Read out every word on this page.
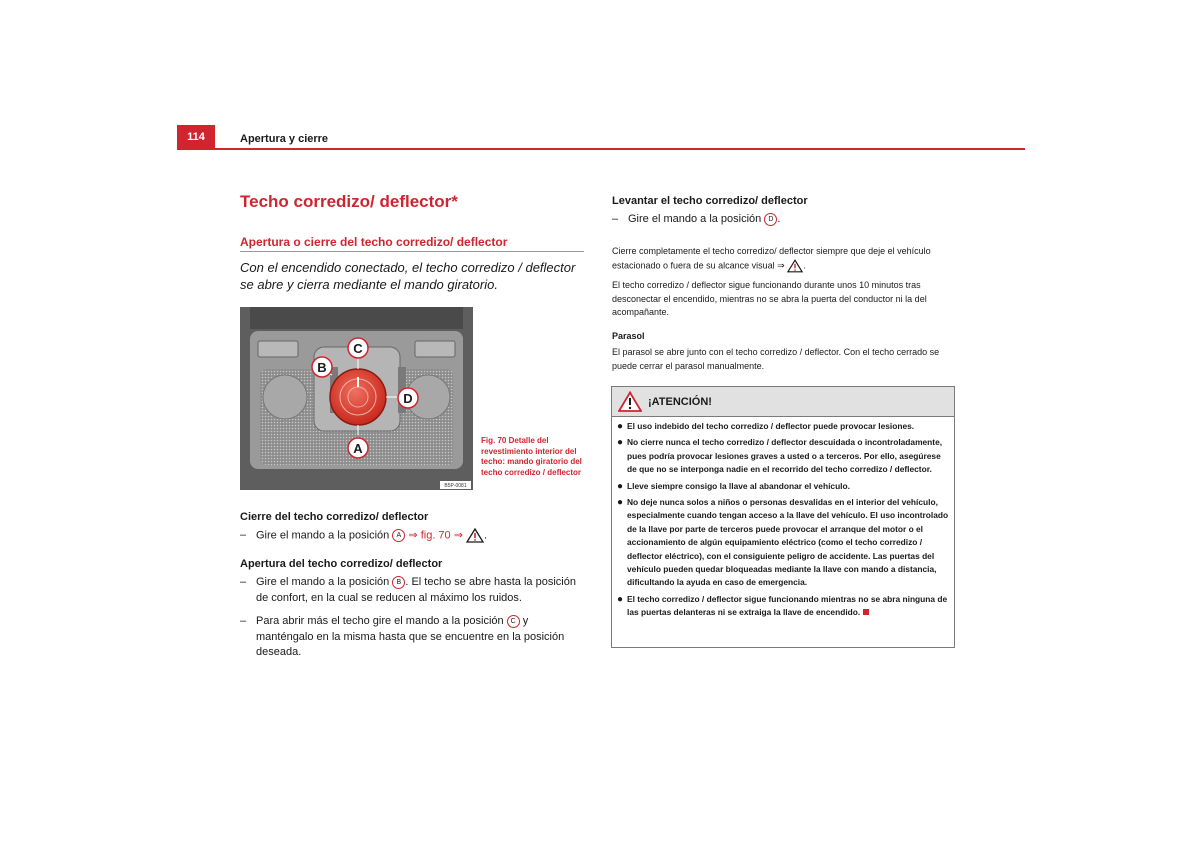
114	Apertura y cierre
Techo corredizo/ deflector*
Apertura o cierre del techo corredizo/ deflector
Con el encendido conectado, el techo corredizo / deflector se abre y cierra mediante el mando giratorio.
C
B
D
A
B5P-0081
Fig. 70 Detalle del revestimiento interior del techo: mando giratorio del techo corredizo / deflector
Cierre del techo corredizo/ deflector
– Gire el mando a la posición A ⇒ fig. 70 ⇒ .
Apertura del techo corredizo/ deflector
– Gire el mando a la posición B . El techo se abre hasta la posición de confort, en la cual se reducen al máximo los ruidos.
– Para abrir más el techo gire el mando a la posición C y manténgalo en la misma hasta que se encuentre en la posición deseada.
Levantar el techo corredizo/ deflector
– Gire el mando a la posición D .
Cierre completamente el techo corredizo/ deflector siempre que deje el vehículo estacionado o fuera de su alcance visual ⇒ .
El techo corredizo / deflector sigue funcionando durante unos 10 minutos tras desconectar el encendido, mientras no se abra la puerta del conductor ni la del acompañante.
Parasol
El parasol se abre junto con el techo corredizo / deflector. Con el techo cerrado se puede cerrar el parasol manualmente.
¡ATENCIÓN!
● El uso indebido del techo corredizo / deflector puede provocar lesiones.
● No cierre nunca el techo corredizo / deflector descuidada o incontroladamente, pues podría provocar lesiones graves a usted o a terceros. Por ello, asegúrese de que no se interponga nadie en el recorrido del techo corredizo / deflector.
● Lleve siempre consigo la llave al abandonar el vehículo.
● No deje nunca solos a niños o personas desvalidas en el interior del vehículo, especialmente cuando tengan acceso a la llave del vehículo. El uso incontrolado de la llave por parte de terceros puede provocar el arranque del motor o el accionamiento de algún equipamiento eléctrico (como el techo corredizo / deflector eléctrico), con el consiguiente peligro de accidente. Las puertas del vehículo pueden quedar bloqueadas mediante la llave con mando a distancia, dificultando la ayuda en caso de emergencia.
● El techo corredizo / deflector sigue funcionando mientras no se abra ninguna de las puertas delanteras ni se extraiga la llave de encendido.
